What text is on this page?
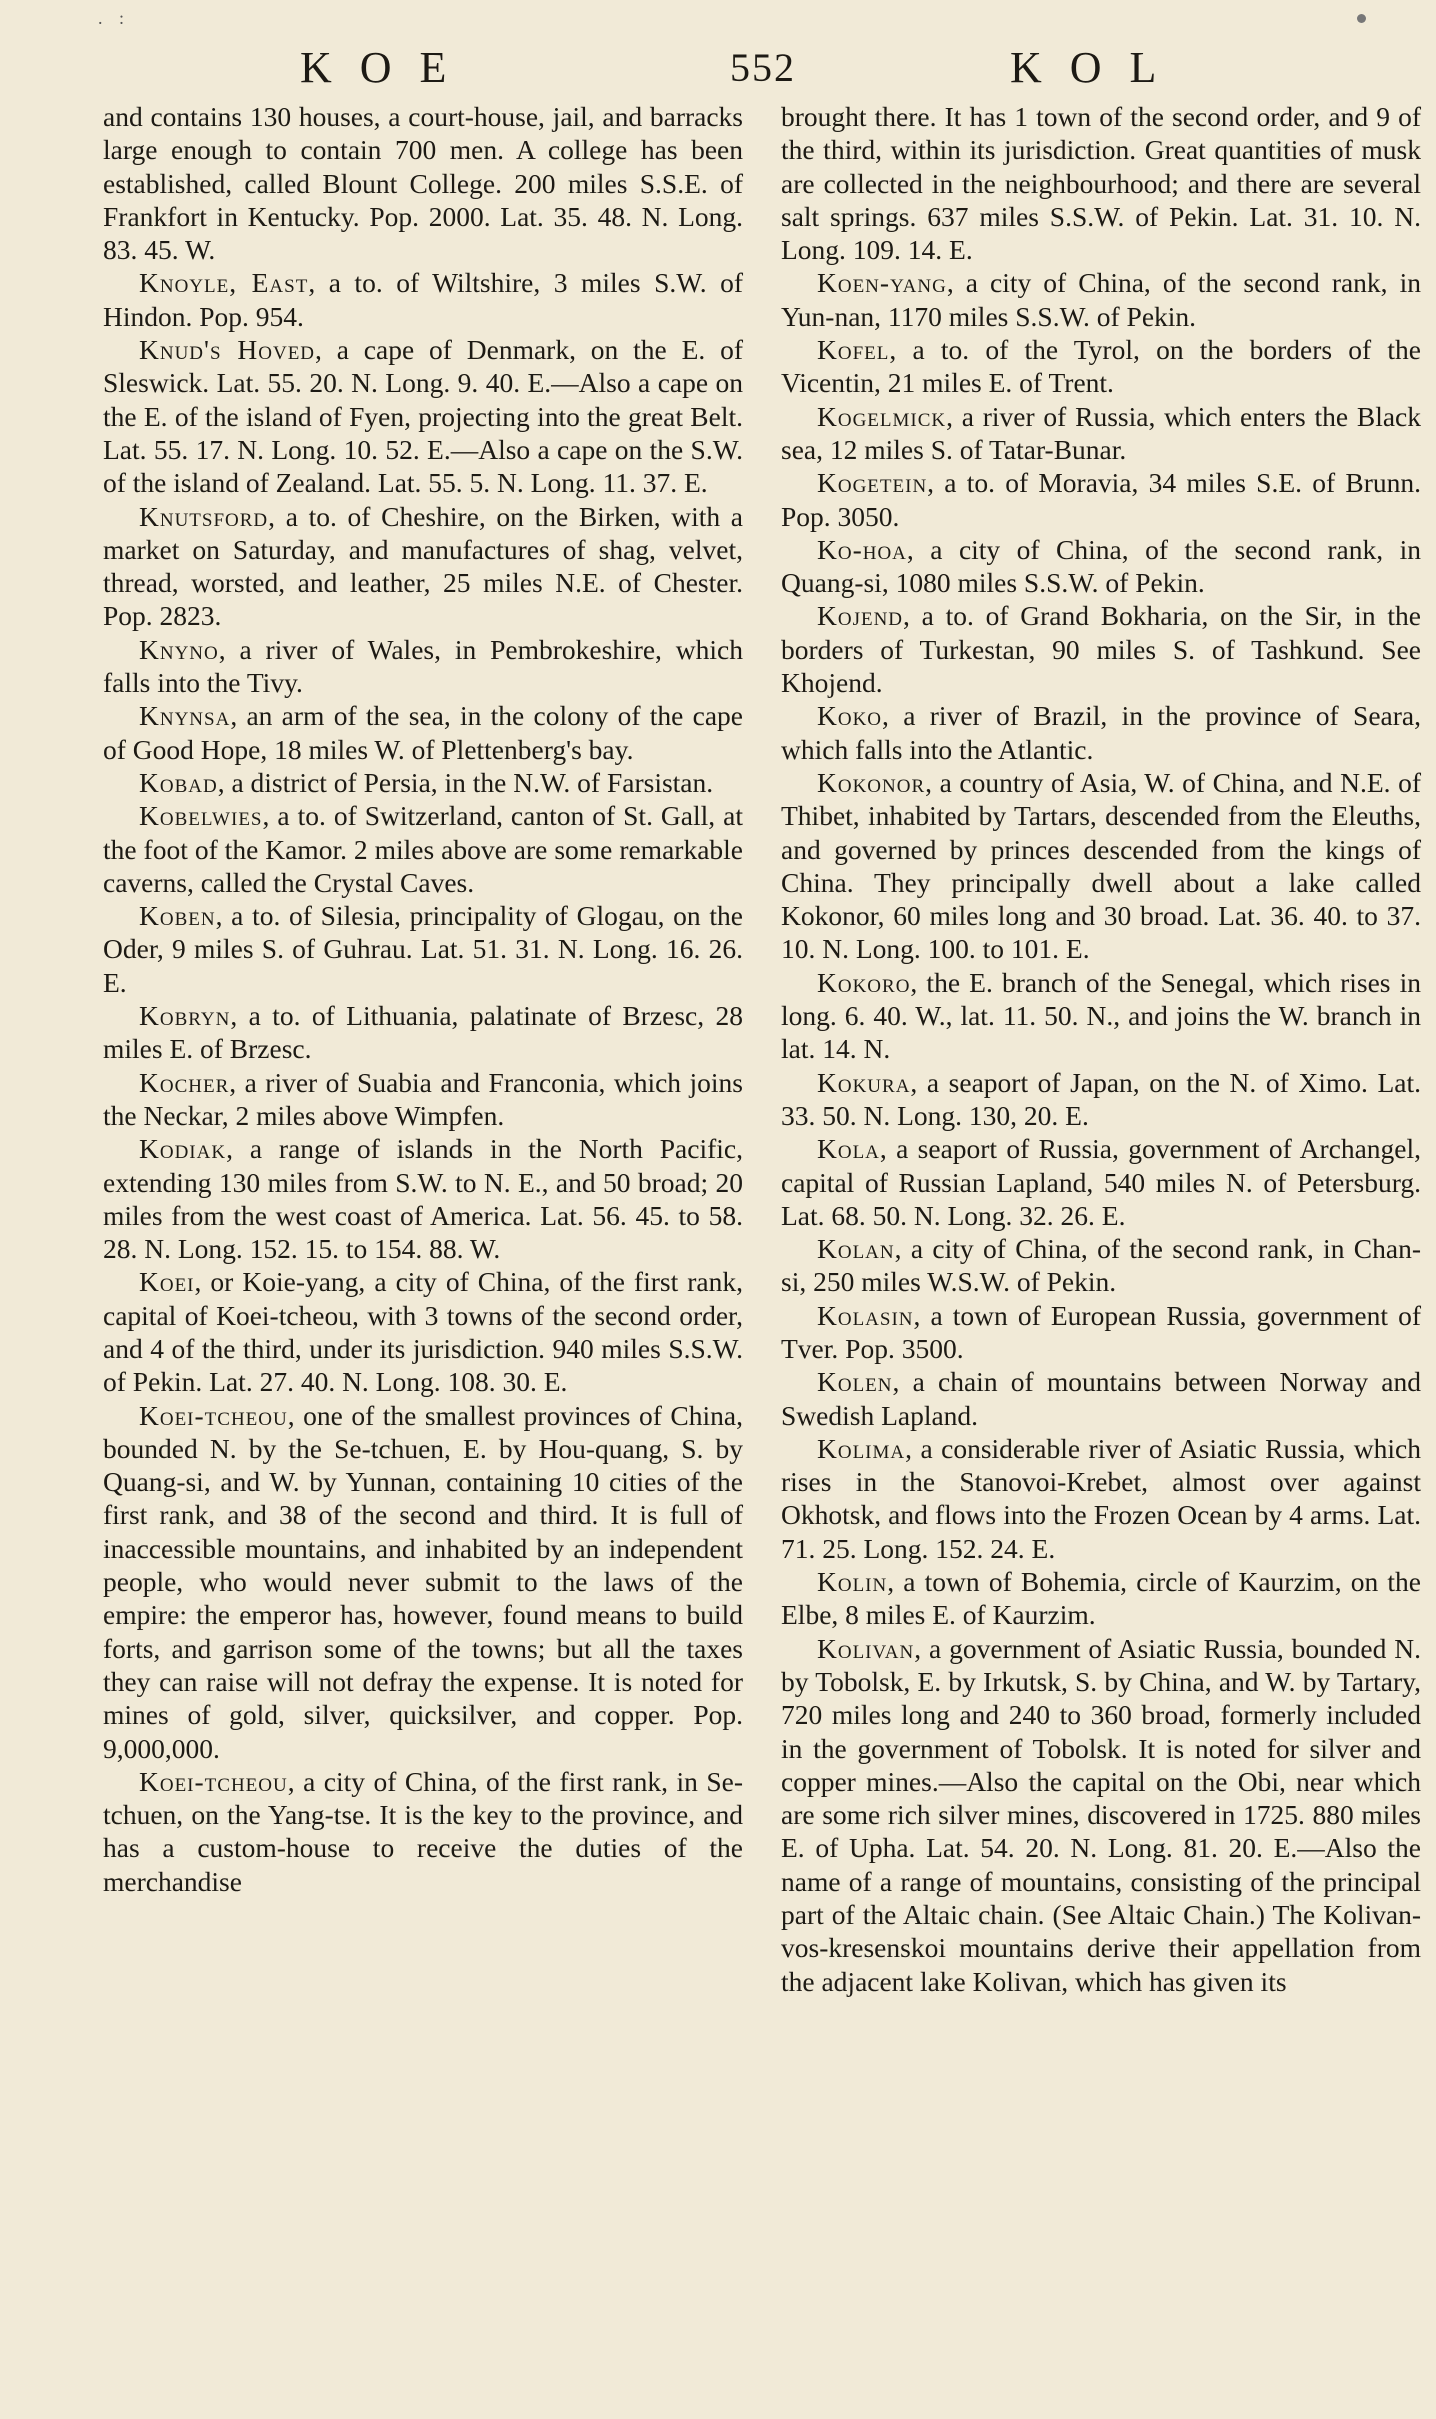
. :
KOE	552	KOL

and contains 130 houses, a court-house, jail, and barracks large enough to contain 700 men. A college has been established, called Blount College. 200 miles S.S.E. of Frankfort in Kentucky. Pop. 2000. Lat. 35. 48. N. Long. 83. 45. W.

Knoyle, East, a to. of Wiltshire, 3 miles S.W. of Hindon. Pop. 954.

Knud's Hoved, a cape of Denmark, on the E. of Sleswick. Lat. 55. 20. N. Long. 9. 40. E.—Also a cape on the E. of the island of Fyen, projecting into the great Belt. Lat. 55. 17. N. Long. 10. 52. E.—Also a cape on the S.W. of the island of Zealand. Lat. 55. 5. N. Long. 11. 37. E.

Knutsford, a to. of Cheshire, on the Birken, with a market on Saturday, and manufactures of shag, velvet, thread, worsted, and leather, 25 miles N.E. of Chester. Pop. 2823.

Knyno, a river of Wales, in Pembrokeshire, which falls into the Tivy.

Knynsa, an arm of the sea, in the colony of the cape of Good Hope, 18 miles W. of Plettenberg's bay.

Kobad, a district of Persia, in the N.W. of Farsistan.

Kobelwies, a to. of Switzerland, canton of St. Gall, at the foot of the Kamor. 2 miles above are some remarkable caverns, called the Crystal Caves.

Koben, a to. of Silesia, principality of Glogau, on the Oder, 9 miles S. of Guhrau. Lat. 51. 31. N. Long. 16. 26. E.

Kobryn, a to. of Lithuania, palatinate of Brzesc, 28 miles E. of Brzesc.

Kocher, a river of Suabia and Franconia, which joins the Neckar, 2 miles above Wimpfen.

Kodiak, a range of islands in the North Pacific, extending 130 miles from S.W. to N. E., and 50 broad; 20 miles from the west coast of America. Lat. 56. 45. to 58. 28. N. Long. 152. 15. to 154. 88. W.

Koei, or Koie-yang, a city of China, of the first rank, capital of Koei-tcheou, with 3 towns of the second order, and 4 of the third, under its jurisdiction. 940 miles S.S.W. of Pekin. Lat. 27. 40. N. Long. 108. 30. E.

Koei-tcheou, one of the smallest provinces of China, bounded N. by the Se-tchuen, E. by Hou-quang, S. by Quang-si, and W. by Yunnan, containing 10 cities of the first rank, and 38 of the second and third. It is full of inaccessible mountains, and inhabited by an independent people, who would never submit to the laws of the empire: the emperor has, however, found means to build forts, and garrison some of the towns; but all the taxes they can raise will not defray the expense. It is noted for mines of gold, silver, quicksilver, and copper. Pop. 9,000,000.

Koei-tcheou, a city of China, of the first rank, in Se-tchuen, on the Yang-tse. It is the key to the province, and has a custom-house to receive the duties of the merchandise

brought there. It has 1 town of the second order, and 9 of the third, within its jurisdiction. Great quantities of musk are collected in the neighbourhood; and there are several salt springs. 637 miles S.S.W. of Pekin. Lat. 31. 10. N. Long. 109. 14. E.

Koen-yang, a city of China, of the second rank, in Yun-nan, 1170 miles S.S.W. of Pekin.

Kofel, a to. of the Tyrol, on the borders of the Vicentin, 21 miles E. of Trent.

Kogelmick, a river of Russia, which enters the Black sea, 12 miles S. of Tatar-Bunar.

Kogetein, a to. of Moravia, 34 miles S.E. of Brunn. Pop. 3050.

Ko-hoa, a city of China, of the second rank, in Quang-si, 1080 miles S.S.W. of Pekin.

Kojend, a to. of Grand Bokharia, on the Sir, in the borders of Turkestan, 90 miles S. of Tashkund. See Khojend.

Koko, a river of Brazil, in the province of Seara, which falls into the Atlantic.

Kokonor, a country of Asia, W. of China, and N.E. of Thibet, inhabited by Tartars, descended from the Eleuths, and governed by princes descended from the kings of China. They principally dwell about a lake called Kokonor, 60 miles long and 30 broad. Lat. 36. 40. to 37. 10. N. Long. 100. to 101. E.

Kokoro, the E. branch of the Senegal, which rises in long. 6. 40. W., lat. 11. 50. N., and joins the W. branch in lat. 14. N.

Kokura, a seaport of Japan, on the N. of Ximo. Lat. 33. 50. N. Long. 130, 20. E.

Kola, a seaport of Russia, government of Archangel, capital of Russian Lapland, 540 miles N. of Petersburg. Lat. 68. 50. N. Long. 32. 26. E.

Kolan, a city of China, of the second rank, in Chan-si, 250 miles W.S.W. of Pekin.

Kolasin, a town of European Russia, government of Tver. Pop. 3500.

Kolen, a chain of mountains between Norway and Swedish Lapland.

Kolima, a considerable river of Asiatic Russia, which rises in the Stanovoi-Krebet, almost over against Okhotsk, and flows into the Frozen Ocean by 4 arms. Lat. 71. 25. Long. 152. 24. E.

Kolin, a town of Bohemia, circle of Kaurzim, on the Elbe, 8 miles E. of Kaurzim.

Kolivan, a government of Asiatic Russia, bounded N. by Tobolsk, E. by Irkutsk, S. by China, and W. by Tartary, 720 miles long and 240 to 360 broad, formerly included in the government of Tobolsk. It is noted for silver and copper mines.—Also the capital on the Obi, near which are some rich silver mines, discovered in 1725. 880 miles E. of Upha. Lat. 54. 20. N. Long. 81. 20. E.—Also the name of a range of mountains, consisting of the principal part of the Altaic chain. (See Altaic Chain.) The Kolivan-vos-kresenskoi mountains derive their appellation from the adjacent lake Kolivan, which has given its
